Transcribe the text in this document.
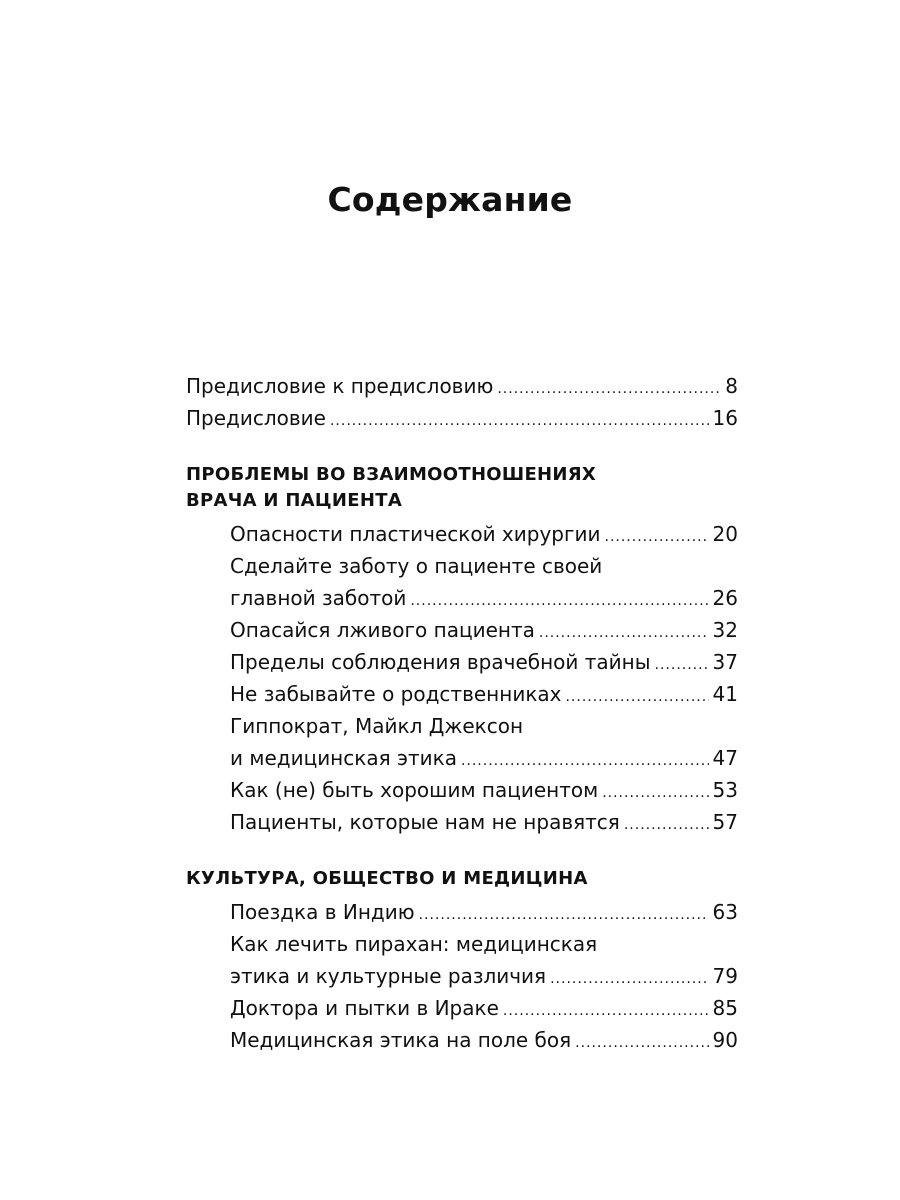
Содержание
Предисловие к предисловию .....	8
Предисловие .....	16
ПРОБЛЕМЫ ВО ВЗАИМООТНОШЕНИЯХ
ВРАЧА И ПАЦИЕНТА
Опасности пластической хирургии .....	20
Сделайте заботу о пациенте своей
главной заботой .....	26
Опасайся лживого пациента .....	32
Пределы соблюдения врачебной тайны .....	37
Не забывайте о родственниках .....	41
Гиппократ, Майкл Джексон
и медицинская этика .....	47
Как (не) быть хорошим пациентом .....	53
Пациенты, которые нам не нравятся .....	57
КУЛЬТУРА, ОБЩЕСТВО И МЕДИЦИНА
Поездка в Индию .....	63
Как лечить пирахан: медицинская
этика и культурные различия .....	79
Доктора и пытки в Ираке .....	85
Медицинская этика на поле боя .....	90
